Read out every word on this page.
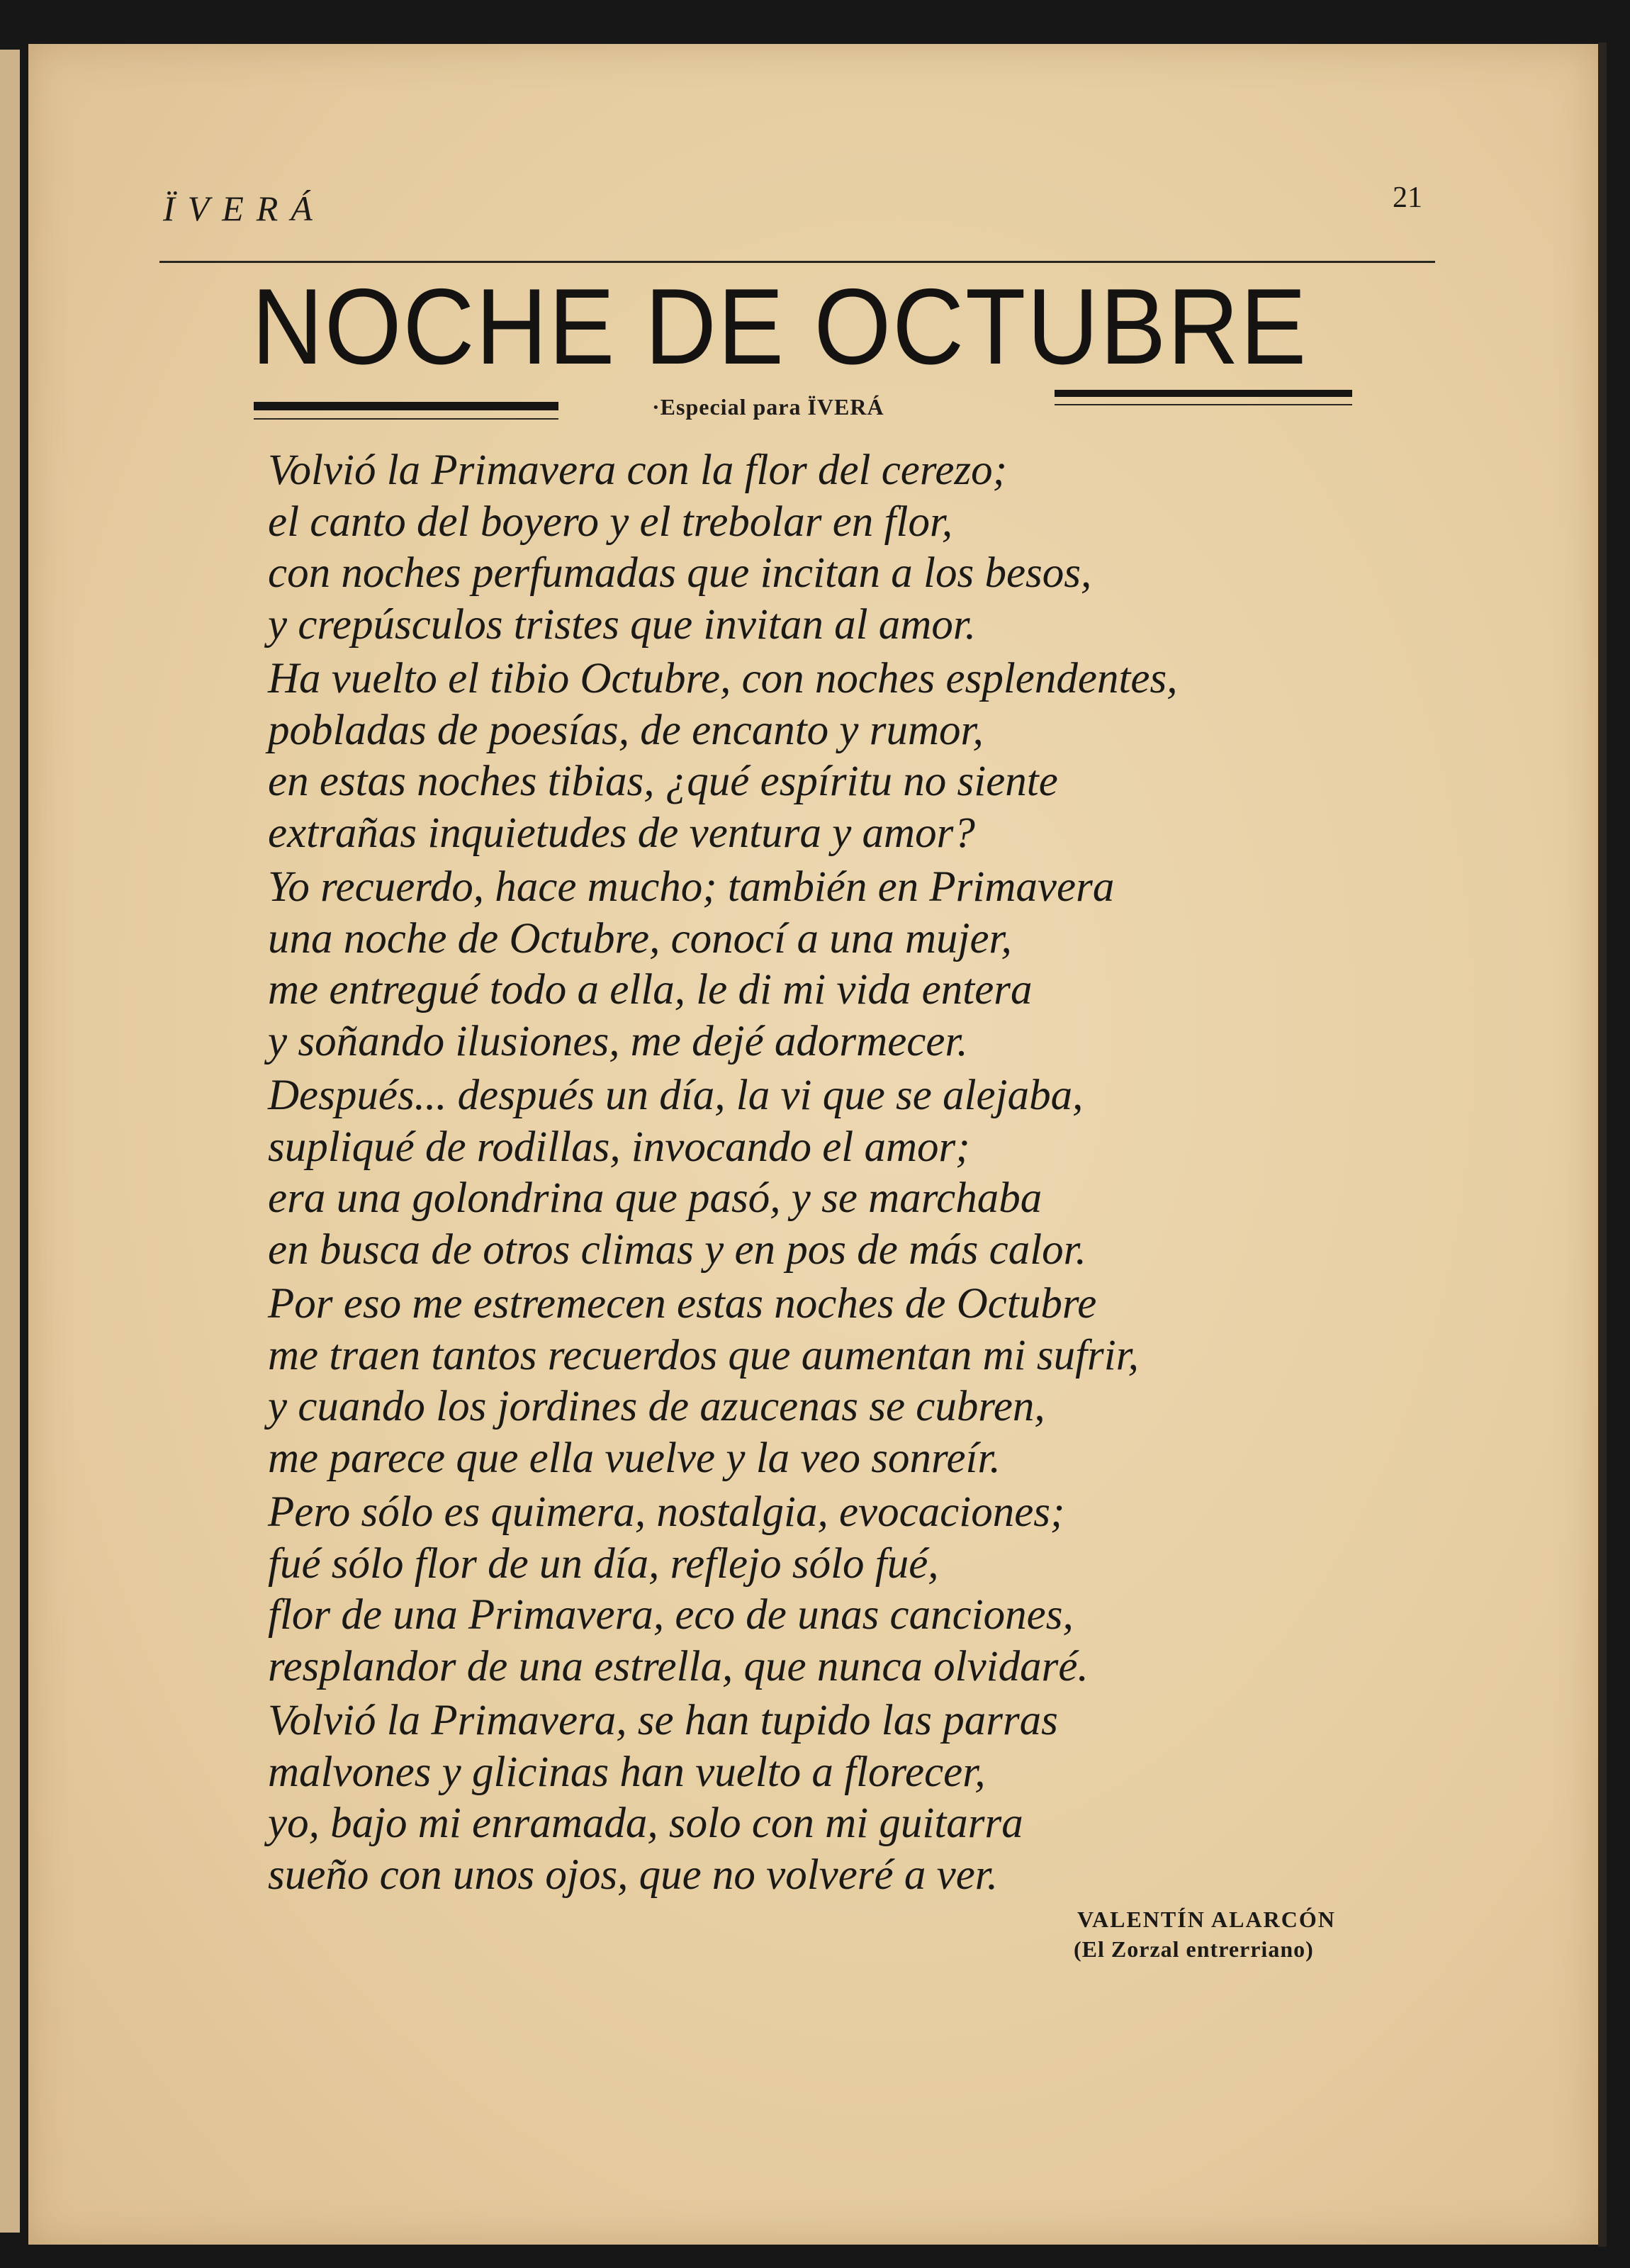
ÏVERÁ	21
NOCHE DE OCTUBRE
·Especial para ÏVERÁ
Volvió la Primavera con la flor del cerezo;
el canto del boyero y el trebolar en flor,
con noches perfumadas que incitan a los besos,
y crepúsculos tristes que invitan al amor.
Ha vuelto el tibio Octubre, con noches esplendentes,
pobladas de poesías, de encanto y rumor,
en estas noches tibias, ¿qué espíritu no siente
extrañas inquietudes de ventura y amor?
Yo recuerdo, hace mucho; también en Primavera
una noche de Octubre, conocí a una mujer,
me entregué todo a ella, le di mi vida entera
y soñando ilusiones, me dejé adormecer.
Después... después un día, la vi que se alejaba,
supliqué de rodillas, invocando el amor;
era una golondrina que pasó, y se marchaba
en busca de otros climas y en pos de más calor.
Por eso me estremecen estas noches de Octubre
me traen tantos recuerdos que aumentan mi sufrir,
y cuando los jordines de azucenas se cubren,
me parece que ella vuelve y la veo sonreír.
Pero sólo es quimera, nostalgia, evocaciones;
fué sólo flor de un día, reflejo sólo fué,
flor de una Primavera, eco de unas canciones,
resplandor de una estrella, que nunca olvidaré.
Volvió la Primavera, se han tupido las parras
malvones y glicinas han vuelto a florecer,
yo, bajo mi enramada, solo con mi guitarra
sueño con unos ojos, que no volveré a ver.
VALENTÍN ALARCÓN
(El Zorzal entrerriano)
